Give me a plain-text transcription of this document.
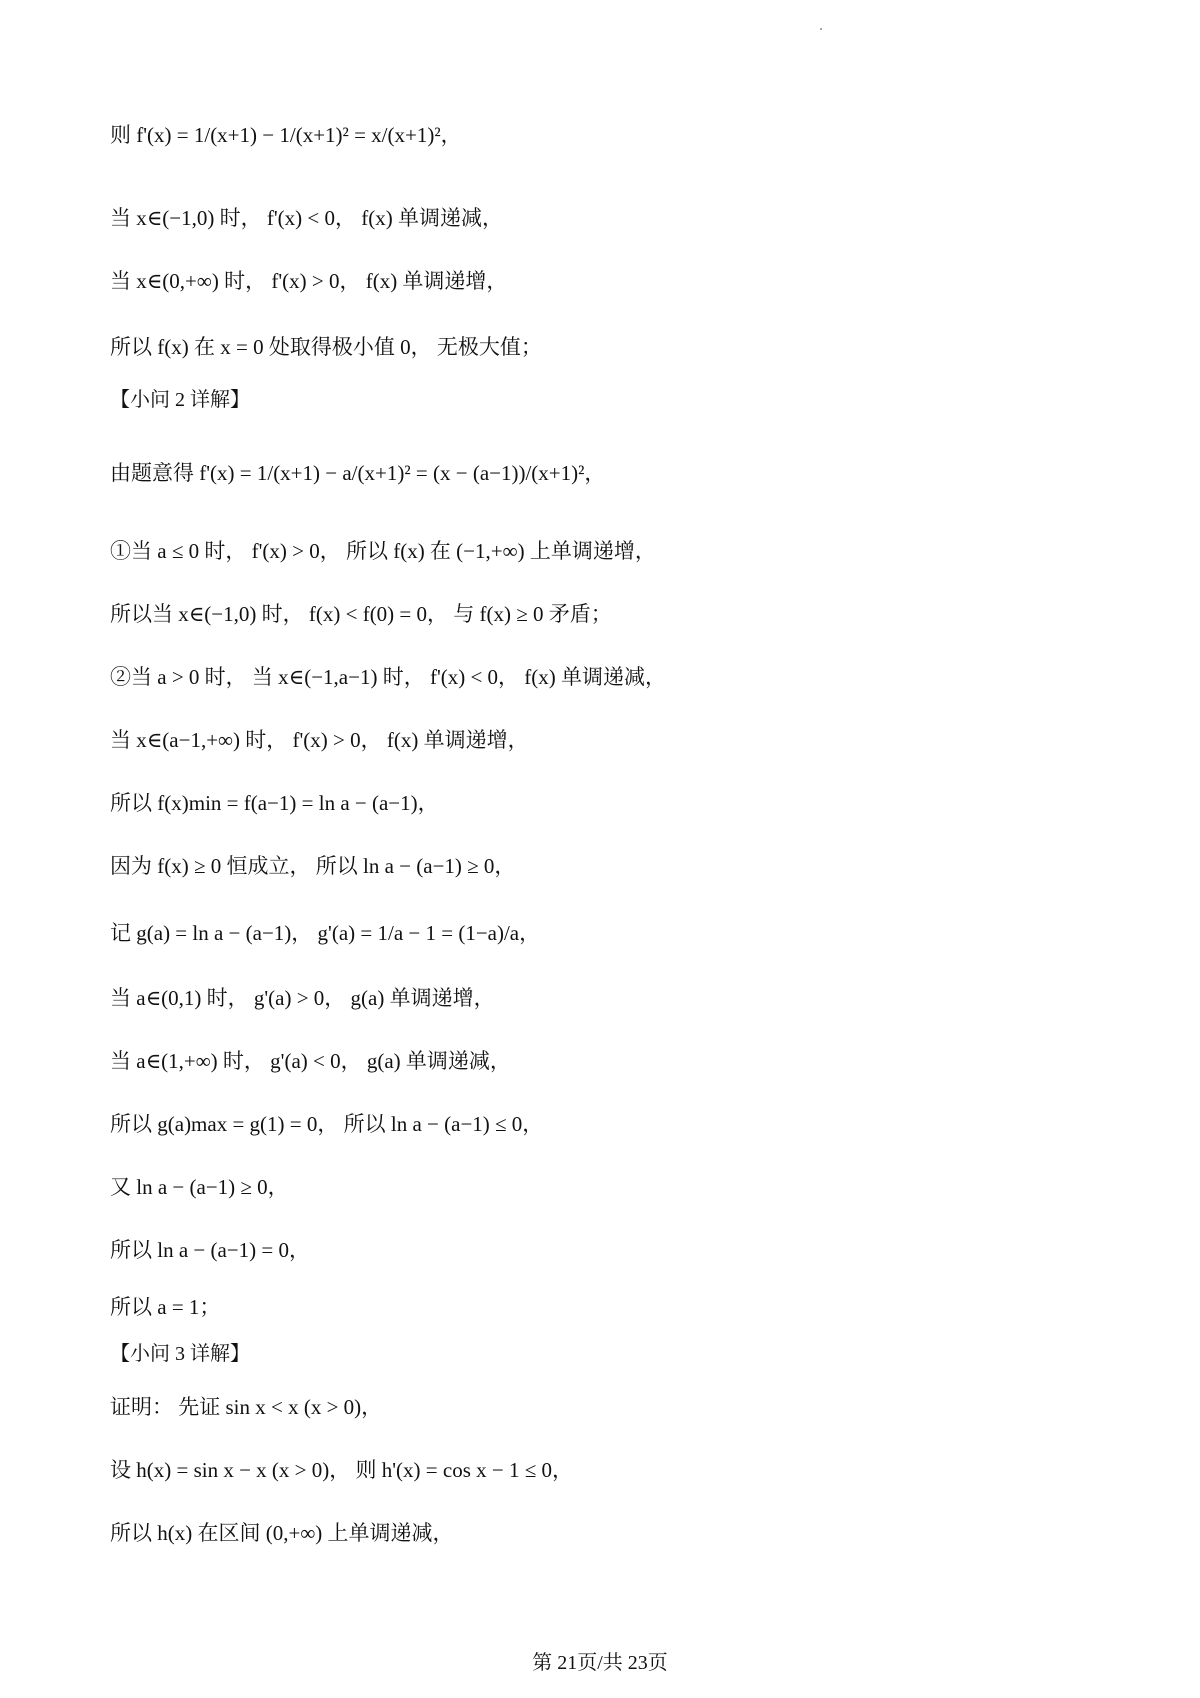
则 f'(x) = 1/(x+1) − 1/(x+1)² = x/(x+1)²，
当 x∈(−1,0) 时， f'(x) < 0， f(x) 单调递减，
当 x∈(0,+∞) 时， f'(x) > 0， f(x) 单调递增，
所以 f(x) 在 x = 0 处取得极小值 0， 无极大值；
【小问 2 详解】
由题意得 f'(x) = 1/(x+1) − a/(x+1)² = (x − (a−1))/(x+1)²，
①当 a ≤ 0 时， f'(x) > 0， 所以 f(x) 在 (−1,+∞) 上单调递增，
所以当 x∈(−1,0) 时， f(x) < f(0) = 0， 与 f(x) ≥ 0 矛盾；
②当 a > 0 时， 当 x∈(−1,a−1) 时， f'(x) < 0， f(x) 单调递减，
当 x∈(a−1,+∞) 时， f'(x) > 0， f(x) 单调递增，
所以 f(x)min = f(a−1) = ln a − (a−1)，
因为 f(x) ≥ 0 恒成立， 所以 ln a − (a−1) ≥ 0，
记 g(a) = ln a − (a−1)， g'(a) = 1/a − 1 = (1−a)/a，
当 a∈(0,1) 时， g'(a) > 0， g(a) 单调递增，
当 a∈(1,+∞) 时， g'(a) < 0， g(a) 单调递减，
所以 g(a)max = g(1) = 0， 所以 ln a − (a−1) ≤ 0，
又 ln a − (a−1) ≥ 0，
所以 ln a − (a−1) = 0，
所以 a = 1；
【小问 3 详解】
证明： 先证 sin x < x (x > 0)，
设 h(x) = sin x − x (x > 0)， 则 h'(x) = cos x − 1 ≤ 0，
所以 h(x) 在区间 (0,+∞) 上单调递减，
第 21页/共 23页
